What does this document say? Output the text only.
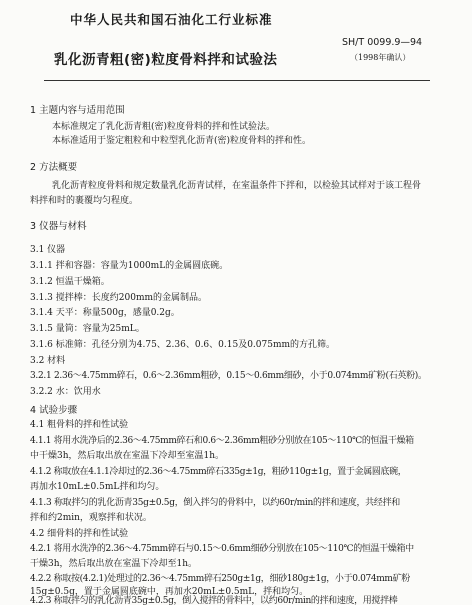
中华人民共和国石油化工行业标准
SH/T 0099.9—94
（1998年确认）
乳化沥青粗(密)粒度骨料拌和试验法
1 主题内容与适用范围
本标准规定了乳化沥青粗(密)粒度骨料的拌和性试验法。
本标准适用于鉴定粗粒和中粒型乳化沥青(密)粒度骨料的拌和性。
2 方法概要
乳化沥青粒度骨料和规定数量乳化沥青试样，在室温条件下拌和，以检验其试样对于该工程骨
料拌和时的裹覆均匀程度。
3 仪器与材料
3.1 仪器
3.1.1 拌和容器：容量为1000mL的金属圆底碗。
3.1.2 恒温干燥箱。
3.1.3 搅拌棒：长度约200mm的金属制品。
3.1.4 天平：称量500g，感量0.2g。
3.1.5 量筒：容量为25mL。
3.1.6 标准筛：孔径分别为4.75、2.36、0.6、0.15及0.075mm的方孔筛。
3.2 材料
3.2.1 2.36～4.75mm碎石，0.6～2.36mm粗砂，0.15～0.6mm细砂，小于0.074mm矿粉(石英粉)。
3.2.2 水：饮用水
4 试验步骤
4.1 粗骨料的拌和性试验
4.1.1 将用水洗净后的2.36～4.75mm碎石和0.6～2.36mm粗砂分别放在105～110℃的恒温干燥箱
中干燥3h，然后取出放在室温下冷却至室温1h。
4.1.2 称取放在4.1.1冷却过的2.36～4.75mm碎石335g±1g，粗砂110g±1g，置于金属圆底碗，
再加水10mL±0.5mL拌和均匀。
4.1.3 称取拌匀的乳化沥青35g±0.5g，倒入拌匀的骨料中，以约60r/min的拌和速度，共经拌和
拌和约2min，观察拌和状况。
4.2 细骨料的拌和性试验
4.2.1 将用水洗净的2.36～4.75mm碎石与0.15～0.6mm细砂分别放在105～110℃的恒温干燥箱中
干燥3h，然后取出放在室温下冷却至1h。
4.2.2 称取按(4.2.1)处理过的2.36～4.75mm碎石250g±1g，细砂180g±1g，小于0.074mm矿粉
15g±0.5g，置于金属圆底碗中，再加水20mL±0.5mL，拌和均匀。
4.2.3 称取拌匀的乳化沥青35g±0.5g，倒入搅拌的骨料中，以约60r/min的拌和速度，用搅拌棒
